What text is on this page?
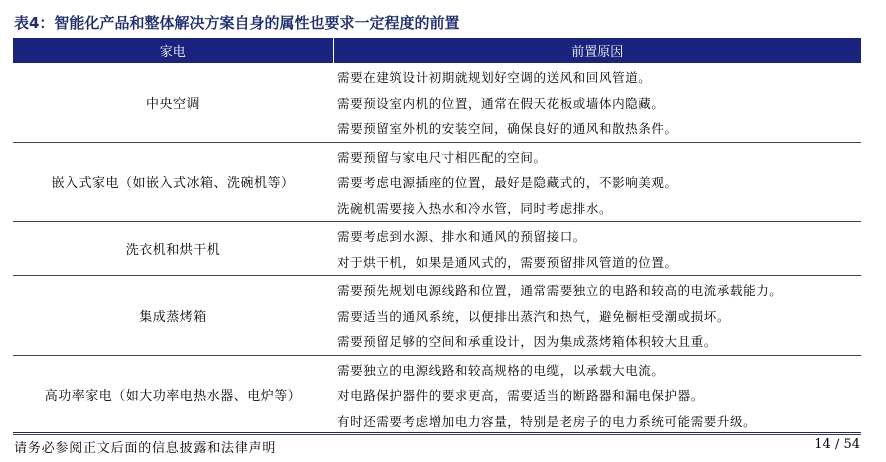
表4：智能化产品和整体解决方案自身的属性也要求一定程度的前置
家电	前置原因
中央空调	需要在建筑设计初期就规划好空调的送风和回风管道。
需要预设室内机的位置，通常在假天花板或墙体内隐藏。
需要预留室外机的安装空间，确保良好的通风和散热条件。

嵌入式家电（如嵌入式冰箱、洗碗机等）	需要预留与家电尺寸相匹配的空间。
需要考虑电源插座的位置，最好是隐藏式的，不影响美观。
洗碗机需要接入热水和冷水管，同时考虑排水。

洗衣机和烘干机	需要考虑到水源、排水和通风的预留接口。
对于烘干机，如果是通风式的，需要预留排风管道的位置。

集成蒸烤箱	需要预先规划电源线路和位置，通常需要独立的电路和较高的电流承载能力。
需要适当的通风系统，以便排出蒸汽和热气，避免橱柜受潮或损坏。
需要预留足够的空间和承重设计，因为集成蒸烤箱体积较大且重。

高功率家电（如大功率电热水器、电炉等）	需要独立的电源线路和较高规格的电缆，以承载大电流。
对电路保护器件的要求更高，需要适当的断路器和漏电保护器。
有时还需要考虑增加电力容量，特别是老房子的电力系统可能需要升级。
请务必参阅正文后面的信息披露和法律声明	14 / 54
